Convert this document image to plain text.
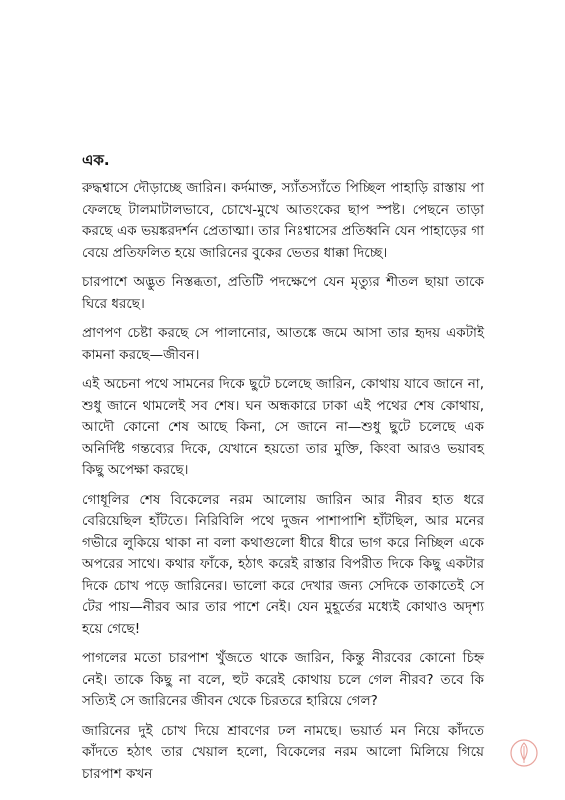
এক.

রুদ্ধশ্বাসে দৌড়াচ্ছে জারিন। কর্দমাক্ত, স্যাঁতস্যাঁতে পিচ্ছিল পাহাড়ি রাস্তায় পা ফেলছে টালমাটালভাবে, চোখে-মুখে আতংকের ছাপ স্পষ্ট। পেছনে তাড়া করছে এক ভয়ঙ্করদর্শন প্রেতাত্মা। তার নিঃশ্বাসের প্রতিধ্বনি যেন পাহাড়ের গা বেয়ে প্রতিফলিত হয়ে জারিনের বুকের ভেতর ধাক্কা দিচ্ছে।

চারপাশে অদ্ভুত নিস্তব্ধতা, প্রতিটি পদক্ষেপে যেন মৃত্যুর শীতল ছায়া তাকে ঘিরে ধরছে।

প্রাণপণ চেষ্টা করছে সে পালানোর, আতঙ্কে জমে আসা তার হৃদয় একটাই কামনা করছে—জীবন।

এই অচেনা পথে সামনের দিকে ছুটে চলেছে জারিন, কোথায় যাবে জানে না, শুধু জানে থামলেই সব শেষ। ঘন অন্ধকারে ঢাকা এই পথের শেষ কোথায়, আদৌ কোনো শেষ আছে কিনা, সে জানে না—শুধু ছুটে চলেছে এক অনির্দিষ্ট গন্তব্যের দিকে, যেখানে হয়তো তার মুক্তি, কিংবা আরও ভয়াবহ কিছু অপেক্ষা করছে।

গোধূলির শেষ বিকেলের নরম আলোয় জারিন আর নীরব হাত ধরে বেরিয়েছিল হাঁটতে। নিরিবিলি পথে দুজন পাশাপাশি হাঁটছিল, আর মনের গভীরে লুকিয়ে থাকা না বলা কথাগুলো ধীরে ধীরে ভাগ করে নিচ্ছিল একে অপরের সাথে। কথার ফাঁকে, হঠাৎ করেই রাস্তার বিপরীত দিকে কিছু একটার দিকে চোখ পড়ে জারিনের। ভালো করে দেখার জন্য সেদিকে তাকাতেই সে টের পায়—নীরব আর তার পাশে নেই। যেন মুহূর্তের মধ্যেই কোথাও অদৃশ্য হয়ে গেছে!

পাগলের মতো চারপাশ খুঁজতে থাকে জারিন, কিন্তু নীরবের কোনো চিহ্ন নেই। তাকে কিছু না বলে, হুট করেই কোথায় চলে গেল নীরব? তবে কি সত্যিই সে জারিনের জীবন থেকে চিরতরে হারিয়ে গেল?

জারিনের দুই চোখ দিয়ে শ্রাবণের ঢল নামছে। ভয়ার্ত মন নিয়ে কাঁদতে কাঁদতে হঠাৎ তার খেয়াল হলো, বিকেলের নরম আলো মিলিয়ে গিয়ে চারপাশ কখন
